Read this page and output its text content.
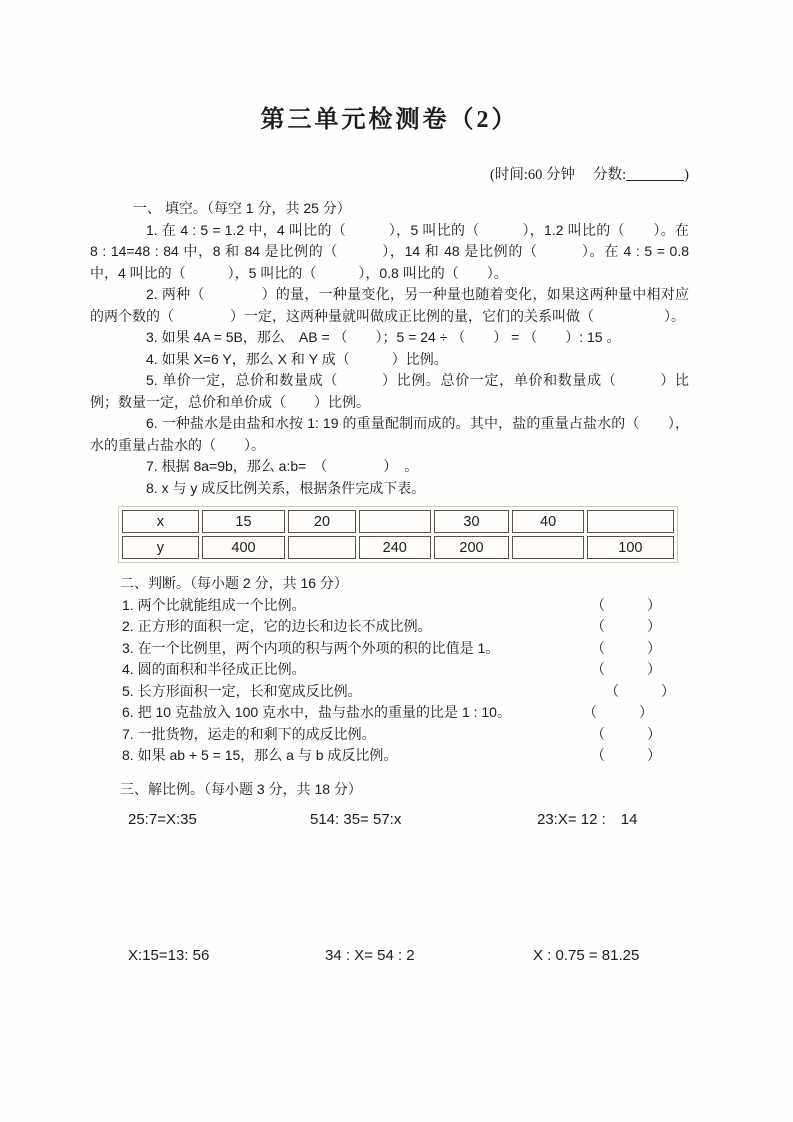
第三单元检测卷（2）
(时间:60 分钟　 分数:	)

一、 填空。（每空 1 分，共 25 分）

1. 在 4 : 5 = 1.2 中，4 叫比的（　　　），5 叫比的（　　　），1.2 叫比的（　　）。在 8 : 14=48 : 84 中，8 和 84 是比例的（　　　），14 和 48 是比例的（　　　）。在 4 : 5 = 0.8 中，4 叫比的（　　　），5 叫比的（　　　），0.8 叫比的（　　）。

2. 两种（　　　　）的量，一种量变化，另一种量也随着变化，如果这两种量中相对应的两个数的（　　　　）一定，这两种量就叫做成正比例的量，它们的关系叫做（　　　　　）。

3. 如果 4A = 5B，那么　AB = （　　）；5 = 24 ÷ （　　） = （　　）: 15 。

4. 如果 X=6 Y，那么 X 和 Y 成（　　　）比例。

5. 单价一定，总价和数量成（　　　）比例。总价一定，单价和数量成（　　　）比例；数量一定，总价和单价成（　　）比例。

6. 一种盐水是由盐和水按 1: 19 的重量配制而成的。其中，盐的重量占盐水的（　　），水的重量占盐水的（　　）。

7. 根据 8a=9b，那么 a:b=　（　　　　）　。

8. x 与 y 成反比例关系，根据条件完成下表。

x	15	20		30	40	
y	400		240	200		100

二、判断。（每小题 2 分，共 16 分）

1. 两个比就能组成一个比例。	（　　　）
2. 正方形的面积一定，它的边长和边长不成比例。	（　　　）
3. 在一个比例里，两个内项的积与两个外项的积的比值是 1。	（　　　）
4. 圆的面积和半径成正比例。	（　　　）
5. 长方形面积一定，长和宽成反比例。	（　　　）
6. 把 10 克盐放入 100 克水中，盐与盐水的重量的比是 1 : 10。	（　　　）
7. 一批货物，运走的和剩下的成反比例。	（　　　）
8. 如果 ab + 5 = 15，那么 a 与 b 成反比例。	（　　　）

三、解比例。（每小题 3 分，共 18 分）

25:7=X:35	514: 35= 57:x	23:X= 12 :　14
X:15=13: 56	34 : X= 54 : 2	X : 0.75 = 81.25
